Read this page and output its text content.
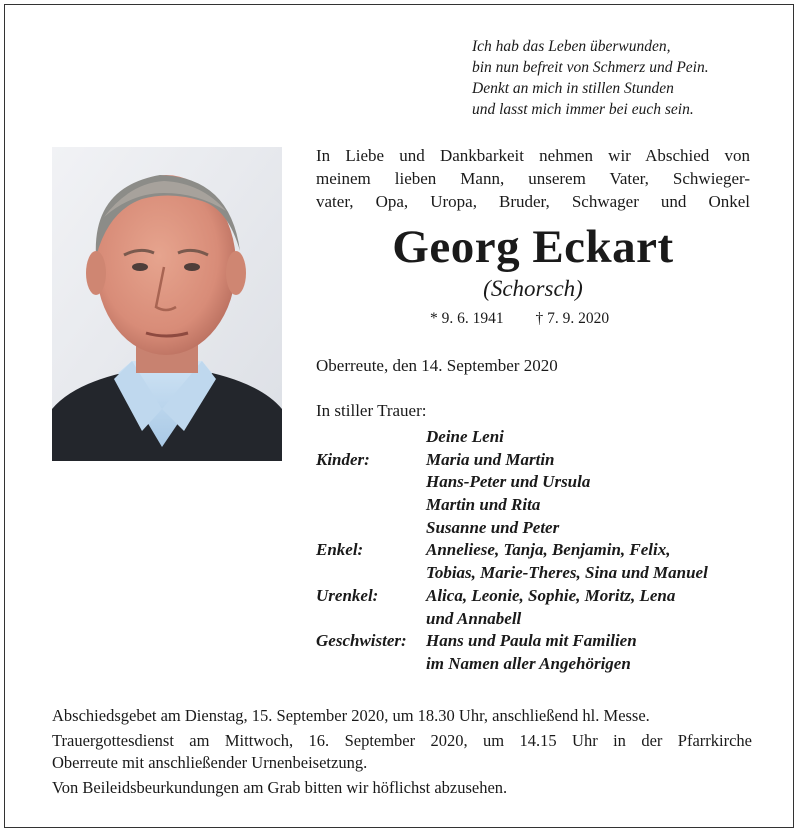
Ich hab das Leben überwunden,
bin nun befreit von Schmerz und Pein.
Denkt an mich in stillen Stunden
und lasst mich immer bei euch sein.
In Liebe und Dankbarkeit nehmen wir Abschied von
meinem lieben Mann, unserem Vater, Schwieger-
vater, Opa, Uropa, Bruder, Schwager und Onkel
Georg Eckart
(Schorsch)
* 9. 6. 1941 † 7. 9. 2020
Oberreute, den 14. September 2020
In stiller Trauer:
Deine Leni
Kinder:	Maria und Martin
Hans-Peter und Ursula
Martin und Rita
Susanne und Peter
Enkel:	Anneliese, Tanja, Benjamin, Felix,
Tobias, Marie-Theres, Sina und Manuel
Urenkel:	Alica, Leonie, Sophie, Moritz, Lena
und Annabell
Geschwister: Hans und Paula mit Familien
im Namen aller Angehörigen
Abschiedsgebet am Dienstag, 15. September 2020, um 18.30 Uhr, anschließend hl. Messe.
Trauergottesdienst am Mittwoch, 16. September 2020, um 14.15 Uhr in der Pfarrkirche
Oberreute mit anschließender Urnenbeisetzung.
Von Beileidsbeurkundungen am Grab bitten wir höflichst abzusehen.
